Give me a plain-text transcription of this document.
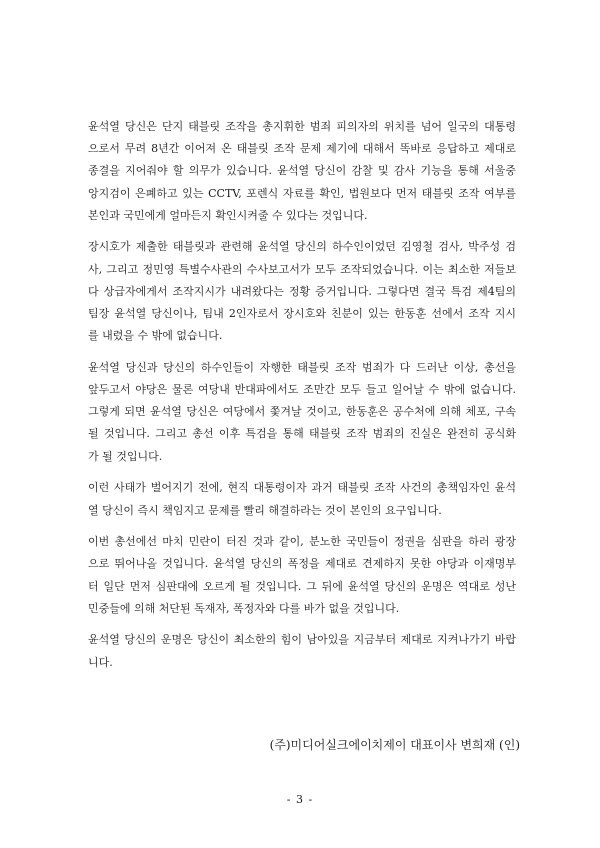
윤석열 당신은 단지 태블릿 조작을 총지휘한 범죄 피의자의 위치를 넘어 일국의 대통령
으로서 무려 8년간 이어져 온 태블릿 조작 문제 제기에 대해서 똑바로 응답하고 제대로
종결을 지어줘야 할 의무가 있습니다. 윤석열 당신이 감찰 및 감사 기능을 통해 서울중
앙지검이 은폐하고 있는 CCTV, 포렌식 자료를 확인, 법원보다 먼저 태블릿 조작 여부를
본인과 국민에게 얼마든지 확인시켜줄 수 있다는 것입니다.
장시호가 제출한 태블릿과 관련해 윤석열 당신의 하수인이었던 김영철 검사, 박주성 검
사, 그리고 정민영 특별수사관의 수사보고서가 모두 조작되었습니다. 이는 최소한 저들보
다 상급자에게서 조작지시가 내려왔다는 정황 증거입니다. 그렇다면 결국 특검 제4팀의
팀장 윤석열 당신이나, 팀내 2인자로서 장시호와 친분이 있는 한동훈 선에서 조작 지시
를 내렸을 수 밖에 없습니다.
윤석열 당신과 당신의 하수인들이 자행한 태블릿 조작 범죄가 다 드러난 이상, 총선을
앞두고서 야당은 물론 여당내 반대파에서도 조만간 모두 들고 일어날 수 밖에 없습니다.
그렇게 되면 윤석열 당신은 여당에서 쫓겨날 것이고, 한동훈은 공수처에 의해 체포, 구속
될 것입니다. 그리고 총선 이후 특검을 통해 태블릿 조작 범죄의 진실은 완전히 공식화
가 될 것입니다.
이런 사태가 벌어지기 전에, 현직 대통령이자 과거 태블릿 조작 사건의 총책임자인 윤석
열 당신이 즉시 책임지고 문제를 빨리 해결하라는 것이 본인의 요구입니다.
이번 총선에선 마치 민란이 터진 것과 같이, 분노한 국민들이 정권을 심판을 하러 광장
으로 뛰어나올 것입니다. 윤석열 당신의 폭정을 제대로 견제하지 못한 야당과 이재명부
터 일단 먼저 심판대에 오르게 될 것입니다. 그 뒤에 윤석열 당신의 운명은 역대로 성난
민중들에 의해 처단된 독재자, 폭정자와 다를 바가 없을 것입니다.
윤석열 당신의 운명은 당신이 최소한의 힘이 남아있을 지금부터 제대로 지켜나가기 바랍
니다.
(주)미디어실크에이치제이 대표이사 변희재 (인)
- 3 -
